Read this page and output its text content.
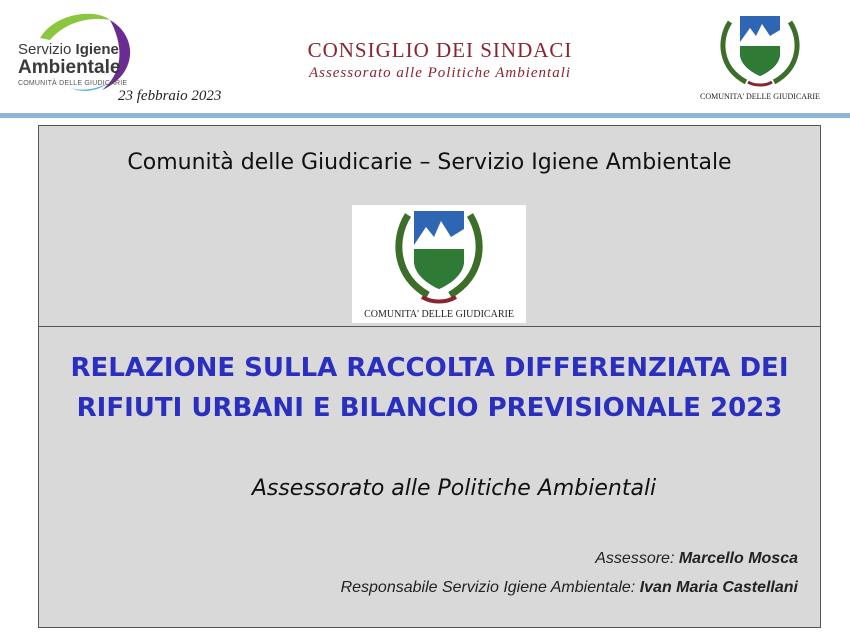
Servizio Igiene
Ambientale
COMUNITÀ DELLE GIUDICARIE
23 febbraio 2023
CONSIGLIO DEI SINDACI
Assessorato alle Politiche Ambientali
COMUNITA' DELLE GIUDICARIE
Comunità delle Giudicarie – Servizio Igiene Ambientale
COMUNITA' DELLE GIUDICARIE
RELAZIONE SULLA RACCOLTA DIFFERENZIATA DEI
RIFIUTI URBANI E BILANCIO PREVISIONALE 2023
Assessorato alle Politiche Ambientali
Assessore: Marcello Mosca
Responsabile Servizio Igiene Ambientale: Ivan Maria Castellani
